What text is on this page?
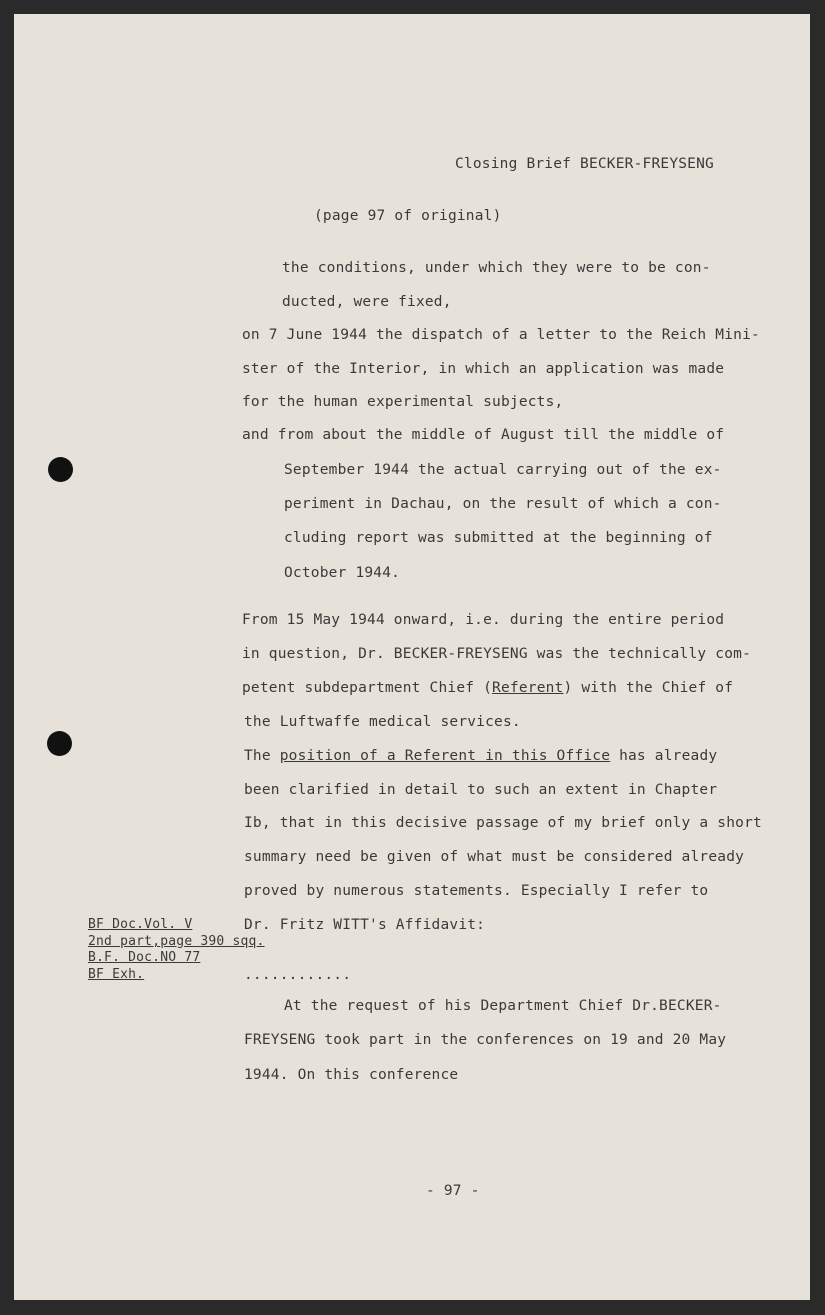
Closing Brief BECKER-FREYSENG
(page 97 of original)
the conditions, under which they were to be con-
ducted, were fixed,
on 7 June 1944 the dispatch of a letter to the Reich Mini-
ster of the Interior, in which an application was made
for the human experimental subjects,
and from about the middle of August till the middle of
September 1944 the actual carrying out of the ex-
periment in Dachau, on the result of which a con-
cluding report was submitted at the beginning of
October 1944.
From 15 May 1944 onward, i.e. during the entire period
in question, Dr. BECKER-FREYSENG was the technically com-
petent subdepartment Chief (Referent) with the Chief of
the Luftwaffe medical services.
The position of a Referent in this Office has already
been clarified in detail to such an extent in Chapter
Ib, that in this decisive passage of my brief only a short
summary need be given of what must be considered already
proved by numerous statements. Especially I refer to
Dr. Fritz WITT's Affidavit:
BF Doc.Vol. V
2nd part,page 390 sqq.
B.F. Doc.NO 77
BF Exh.	............
At the request of his Department Chief Dr.BECKER-
FREYSENG took part in the conferences on 19 and 20 May
1944. On this conference
- 97 -
